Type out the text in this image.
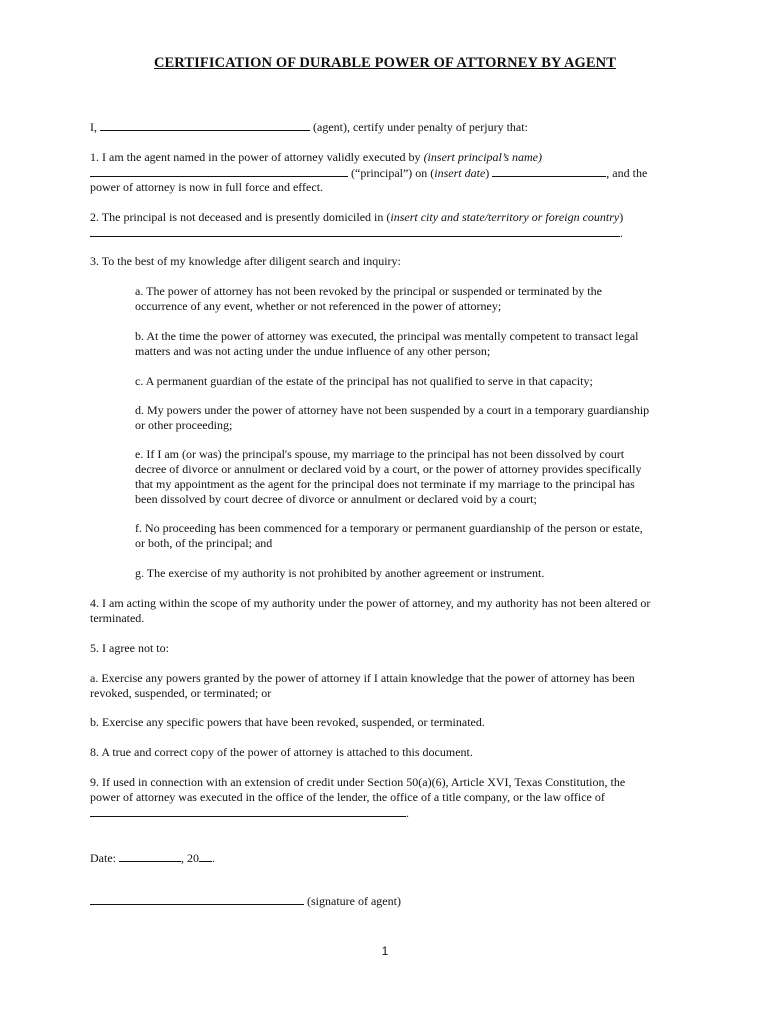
CERTIFICATION OF DURABLE POWER OF ATTORNEY BY AGENT
I,	(agent), certify under penalty of perjury that:
1. I am the agent named in the power of attorney validly executed by (insert principal’s name)
(“principal”) on (insert date)	, and the
power of attorney is now in full force and effect.
2. The principal is not deceased and is presently domiciled in (insert city and state/territory or foreign country)
.
3. To the best of my knowledge after diligent search and inquiry:
a. The power of attorney has not been revoked by the principal or suspended or terminated by the
occurrence of any event, whether or not referenced in the power of attorney;
b. At the time the power of attorney was executed, the principal was mentally competent to transact legal
matters and was not acting under the undue influence of any other person;
c. A permanent guardian of the estate of the principal has not qualified to serve in that capacity;
d. My powers under the power of attorney have not been suspended by a court in a temporary guardianship
or other proceeding;
e. If I am (or was) the principal's spouse, my marriage to the principal has not been dissolved by court
decree of divorce or annulment or declared void by a court, or the power of attorney provides specifically
that my appointment as the agent for the principal does not terminate if my marriage to the principal has
been dissolved by court decree of divorce or annulment or declared void by a court;
f. No proceeding has been commenced for a temporary or permanent guardianship of the person or estate,
or both, of the principal; and
g. The exercise of my authority is not prohibited by another agreement or instrument.
4. I am acting within the scope of my authority under the power of attorney, and my authority has not been altered or
terminated.
5. I agree not to:
a. Exercise any powers granted by the power of attorney if I attain knowledge that the power of attorney has been
revoked, suspended, or terminated; or
b. Exercise any specific powers that have been revoked, suspended, or terminated.
8. A true and correct copy of the power of attorney is attached to this document.
9. If used in connection with an extension of credit under Section 50(a)(6), Article XVI, Texas Constitution, the
power of attorney was executed in the office of the lender, the office of a title company, or the law office of
.
Date:	, 20 .
(signature of agent)
1
